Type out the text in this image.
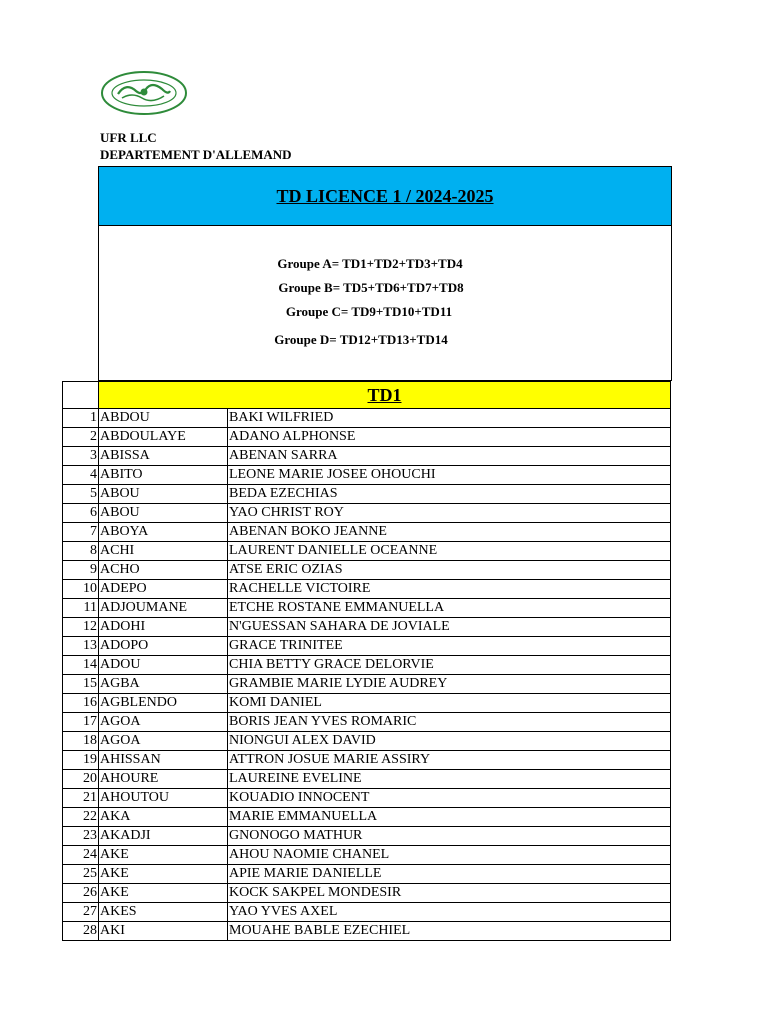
UFR LLC
DEPARTEMENT D'ALLEMAND
TD LICENCE 1 / 2024-2025
Groupe A= TD1+TD2+TD3+TD4
Groupe B= TD5+TD6+TD7+TD8
Groupe C= TD9+TD10+TD11
Groupe D= TD12+TD13+TD14
	TD1	
1	ABDOU	BAKI WILFRIED
2	ABDOULAYE	ADANO ALPHONSE
3	ABISSA	ABENAN SARRA
4	ABITO	LEONE MARIE JOSEE OHOUCHI
5	ABOU	BEDA EZECHIAS
6	ABOU	YAO CHRIST ROY
7	ABOYA	ABENAN BOKO JEANNE
8	ACHI	LAURENT DANIELLE OCEANNE
9	ACHO	ATSE ERIC OZIAS
10	ADEPO	RACHELLE VICTOIRE
11	ADJOUMANE	ETCHE ROSTANE EMMANUELLA
12	ADOHI	N'GUESSAN SAHARA DE JOVIALE
13	ADOPO	GRACE TRINITEE
14	ADOU	CHIA BETTY GRACE DELORVIE
15	AGBA	GRAMBIE MARIE LYDIE AUDREY
16	AGBLENDO	KOMI DANIEL
17	AGOA	BORIS JEAN YVES ROMARIC
18	AGOA	NIONGUI ALEX DAVID
19	AHISSAN	ATTRON JOSUE MARIE ASSIRY
20	AHOURE	LAUREINE EVELINE
21	AHOUTOU	KOUADIO INNOCENT
22	AKA	MARIE EMMANUELLA
23	AKADJI	GNONOGO MATHUR
24	AKE	AHOU NAOMIE CHANEL
25	AKE	APIE MARIE DANIELLE
26	AKE	KOCK SAKPEL MONDESIR
27	AKES	YAO YVES AXEL
28	AKI	MOUAHE BABLE EZECHIEL
